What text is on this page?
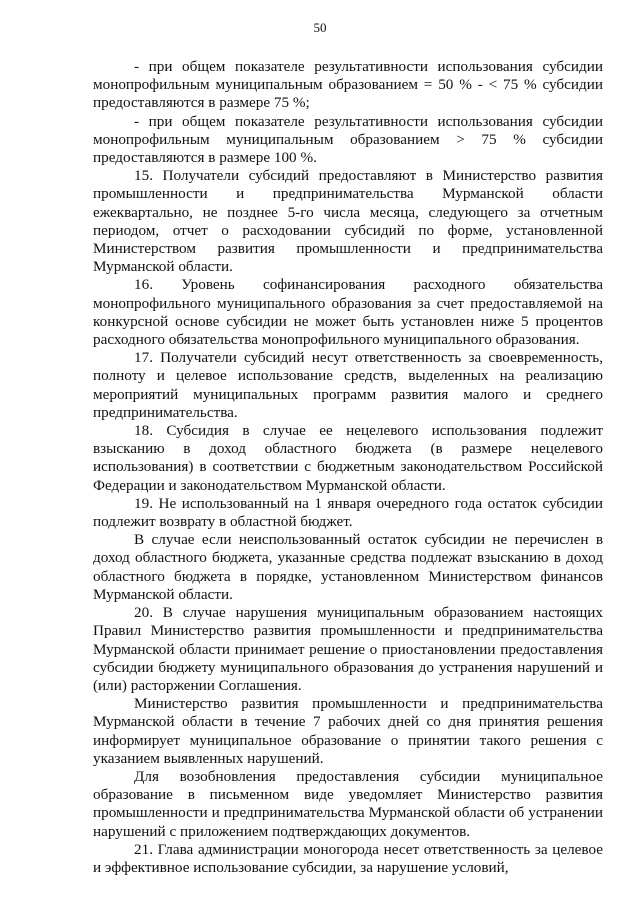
50

- при общем показателе результативности использования субсидии монопрофильным муниципальным образованием = 50 % - < 75 % субсидии предоставляются в размере 75 %;

- при общем показателе результативности использования субсидии монопрофильным муниципальным образованием > 75 % субсидии предоставляются в размере 100 %.

15. Получатели субсидий предоставляют в Министерство развития промышленности и предпринимательства Мурманской области ежеквартально, не позднее 5-го числа месяца, следующего за отчетным периодом, отчет о расходовании субсидий по форме, установленной Министерством развития промышленности и предпринимательства Мурманской области.

16. Уровень софинансирования расходного обязательства монопрофильного муниципального образования за счет предоставляемой на конкурсной основе субсидии не может быть установлен ниже 5 процентов расходного обязательства монопрофильного муниципального образования.

17. Получатели субсидий несут ответственность за своевременность, полноту и целевое использование средств, выделенных на реализацию мероприятий муниципальных программ развития малого и среднего предпринимательства.

18. Субсидия в случае ее нецелевого использования подлежит взысканию в доход областного бюджета (в размере нецелевого использования) в соответствии с бюджетным законодательством Российской Федерации и законодательством Мурманской области.

19. Не использованный на 1 января очередного года остаток субсидии подлежит возврату в областной бюджет.

В случае если неиспользованный остаток субсидии не перечислен в доход областного бюджета, указанные средства подлежат взысканию в доход областного бюджета в порядке, установленном Министерством финансов Мурманской области.

20. В случае нарушения муниципальным образованием настоящих Правил Министерство развития промышленности и предпринимательства Мурманской области принимает решение о приостановлении предоставления субсидии бюджету муниципального образования до устранения нарушений и (или) расторжении Соглашения.

Министерство развития промышленности и предпринимательства Мурманской области в течение 7 рабочих дней со дня принятия решения информирует муниципальное образование о принятии такого решения с указанием выявленных нарушений.

Для возобновления предоставления субсидии муниципальное образование в письменном виде уведомляет Министерство развития промышленности и предпринимательства Мурманской области об устранении нарушений с приложением подтверждающих документов.

21. Глава администрации моногорода несет ответственность за целевое и эффективное использование субсидии, за нарушение условий,
